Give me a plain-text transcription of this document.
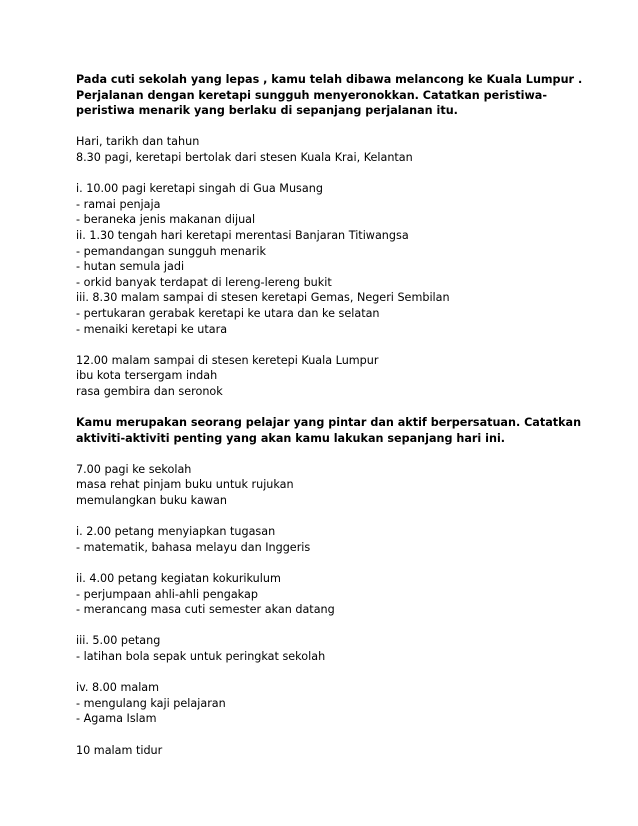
Pada cuti sekolah yang lepas , kamu telah dibawa melancong ke Kuala Lumpur .
Perjalanan dengan keretapi sungguh menyeronokkan. Catatkan peristiwa-
peristiwa menarik yang berlaku di sepanjang perjalanan itu.
Hari, tarikh dan tahun
8.30 pagi, keretapi bertolak dari stesen Kuala Krai, Kelantan
i. 10.00 pagi keretapi singah di Gua Musang
- ramai penjaja
- beraneka jenis makanan dijual
ii. 1.30 tengah hari keretapi merentasi Banjaran Titiwangsa
- pemandangan sungguh menarik
- hutan semula jadi
- orkid banyak terdapat di lereng-lereng bukit
iii. 8.30 malam sampai di stesen keretapi Gemas, Negeri Sembilan
- pertukaran gerabak keretapi ke utara dan ke selatan
- menaiki keretapi ke utara
12.00 malam sampai di stesen keretepi Kuala Lumpur
ibu kota tersergam indah
rasa gembira dan seronok
Kamu merupakan seorang pelajar yang pintar dan aktif berpersatuan. Catatkan
aktiviti-aktiviti penting yang akan kamu lakukan sepanjang hari ini.
7.00 pagi ke sekolah
masa rehat pinjam buku untuk rujukan
memulangkan buku kawan
i. 2.00 petang menyiapkan tugasan
- matematik, bahasa melayu dan Inggeris
ii. 4.00 petang kegiatan kokurikulum
- perjumpaan ahli-ahli pengakap
- merancang masa cuti semester akan datang
iii. 5.00 petang
- latihan bola sepak untuk peringkat sekolah
iv. 8.00 malam
- mengulang kaji pelajaran
- Agama Islam
10 malam tidur
